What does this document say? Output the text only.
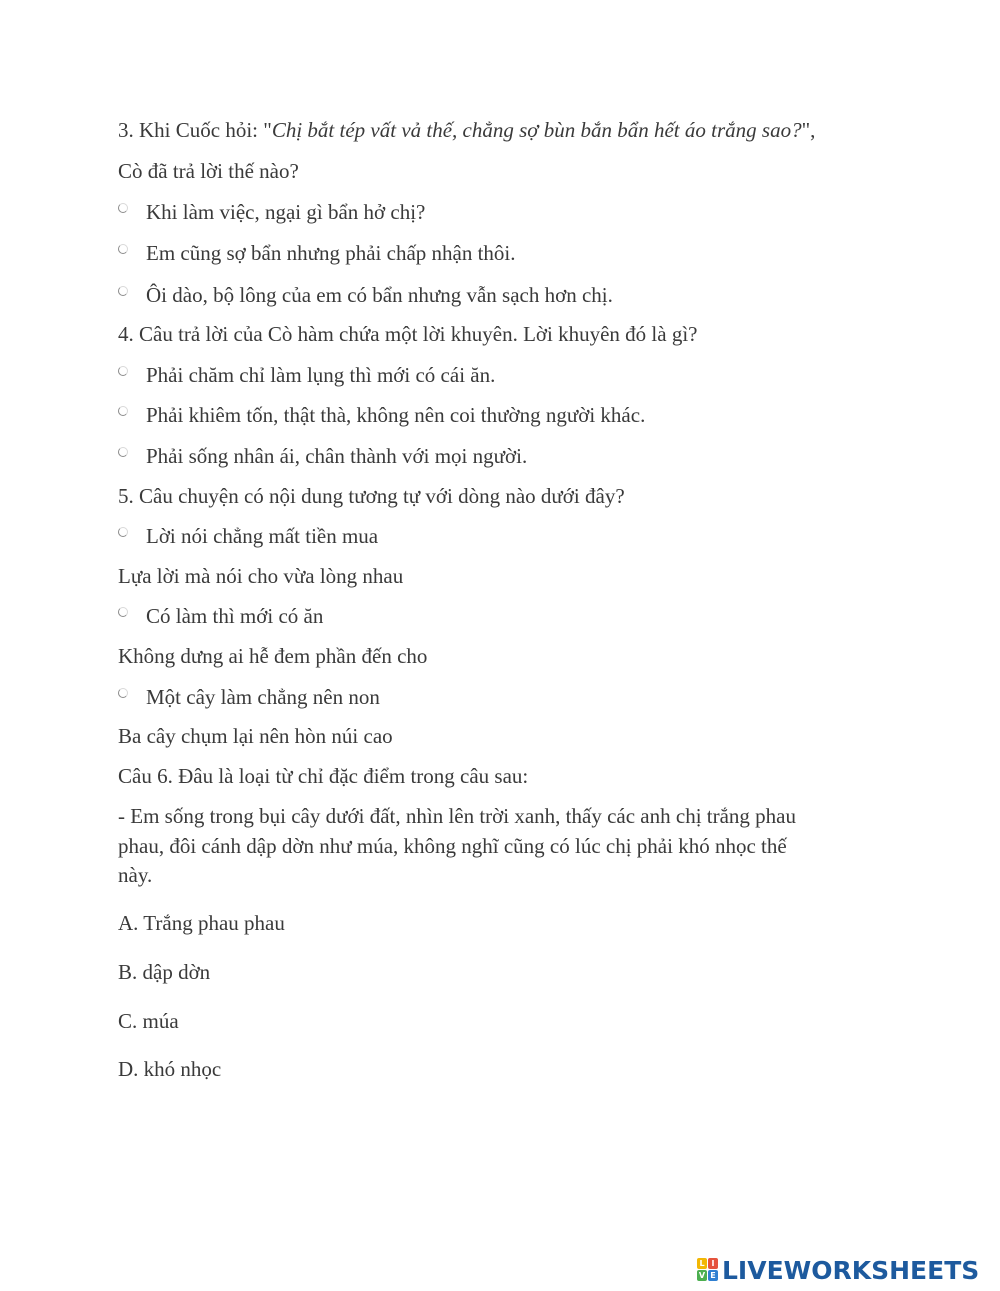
3. Khi Cuốc hỏi: "Chị bắt tép vất vả thế, chẳng sợ bùn bắn bẩn hết áo trắng sao?",
Cò đã trả lời thế nào?
Khi làm việc, ngại gì bẩn hở chị?
Em cũng sợ bẩn nhưng phải chấp nhận thôi.
Ôi dào, bộ lông của em có bẩn nhưng vẫn sạch hơn chị.
4. Câu trả lời của Cò hàm chứa một lời khuyên. Lời khuyên đó là gì?
Phải chăm chỉ làm lụng thì mới có cái ăn.
Phải khiêm tốn, thật thà, không nên coi thường người khác.
Phải sống nhân ái, chân thành với mọi người.
5. Câu chuyện có nội dung tương tự với dòng nào dưới đây?
Lời nói chẳng mất tiền mua
Lựa lời mà nói cho vừa lòng nhau
Có làm thì mới có ăn
Không dưng ai hễ đem phần đến cho
Một cây làm chẳng nên non
Ba cây chụm lại nên hòn núi cao
Câu 6. Đâu là loại từ chỉ đặc điểm trong câu sau:
- Em sống trong bụi cây dưới đất, nhìn lên trời xanh, thấy các anh chị trắng phau
phau, đôi cánh dập dờn như múa, không nghĩ cũng có lúc chị phải khó nhọc thế
này.
A. Trắng phau phau
B. dập dờn
C. múa
D. khó nhọc
L I
V E LIVEWORKSHEETS
